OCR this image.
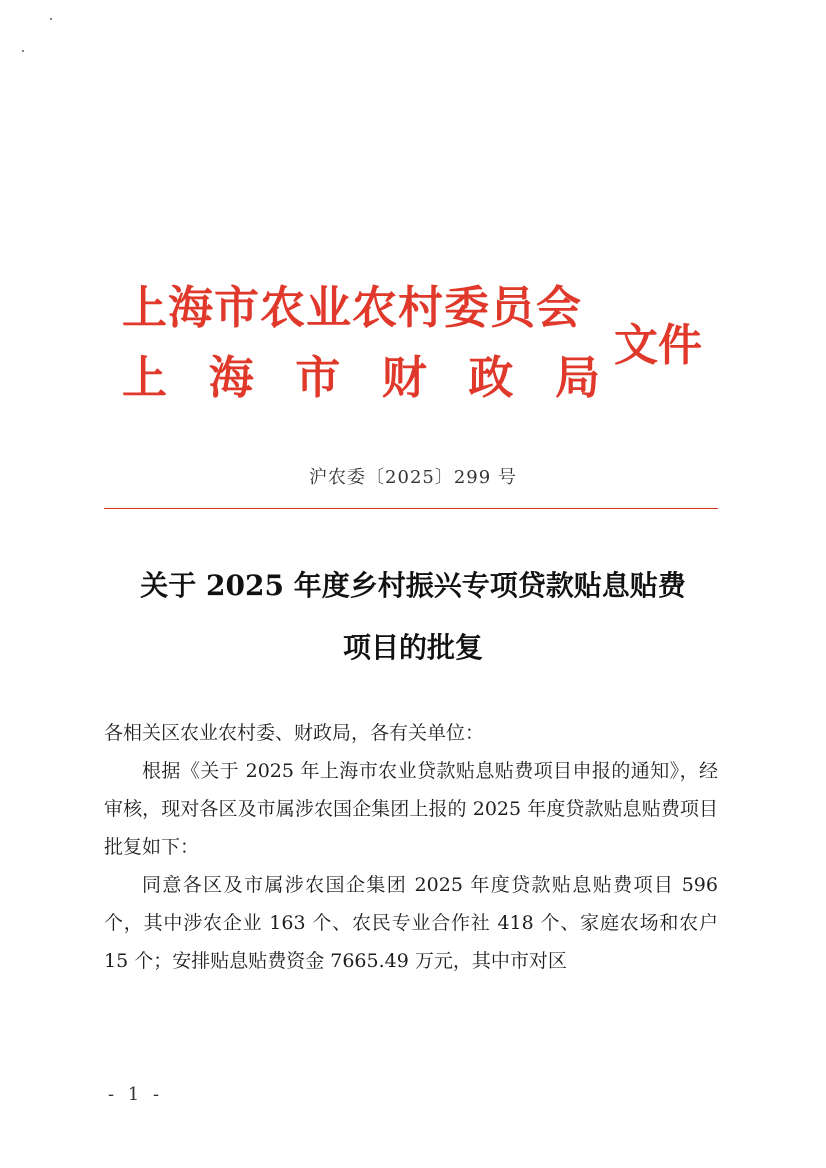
上海市农业农村委员会
上 海 市 财 政 局
文件
沪农委〔2025〕299 号
关于 2025 年度乡村振兴专项贷款贴息贴费
项目的批复

各相关区农业农村委、财政局，各有关单位：

根据《关于 2025 年上海市农业贷款贴息贴费项目申报的通知》，经审核，现对各区及市属涉农国企集团上报的 2025 年度贷款贴息贴费项目批复如下：

同意各区及市属涉农国企集团 2025 年度贷款贴息贴费项目 596 个，其中涉农企业 163 个、农民专业合作社 418 个、家庭农场和农户 15 个；安排贴息贴费资金 7665.49 万元，其中市对区

- 1 -
